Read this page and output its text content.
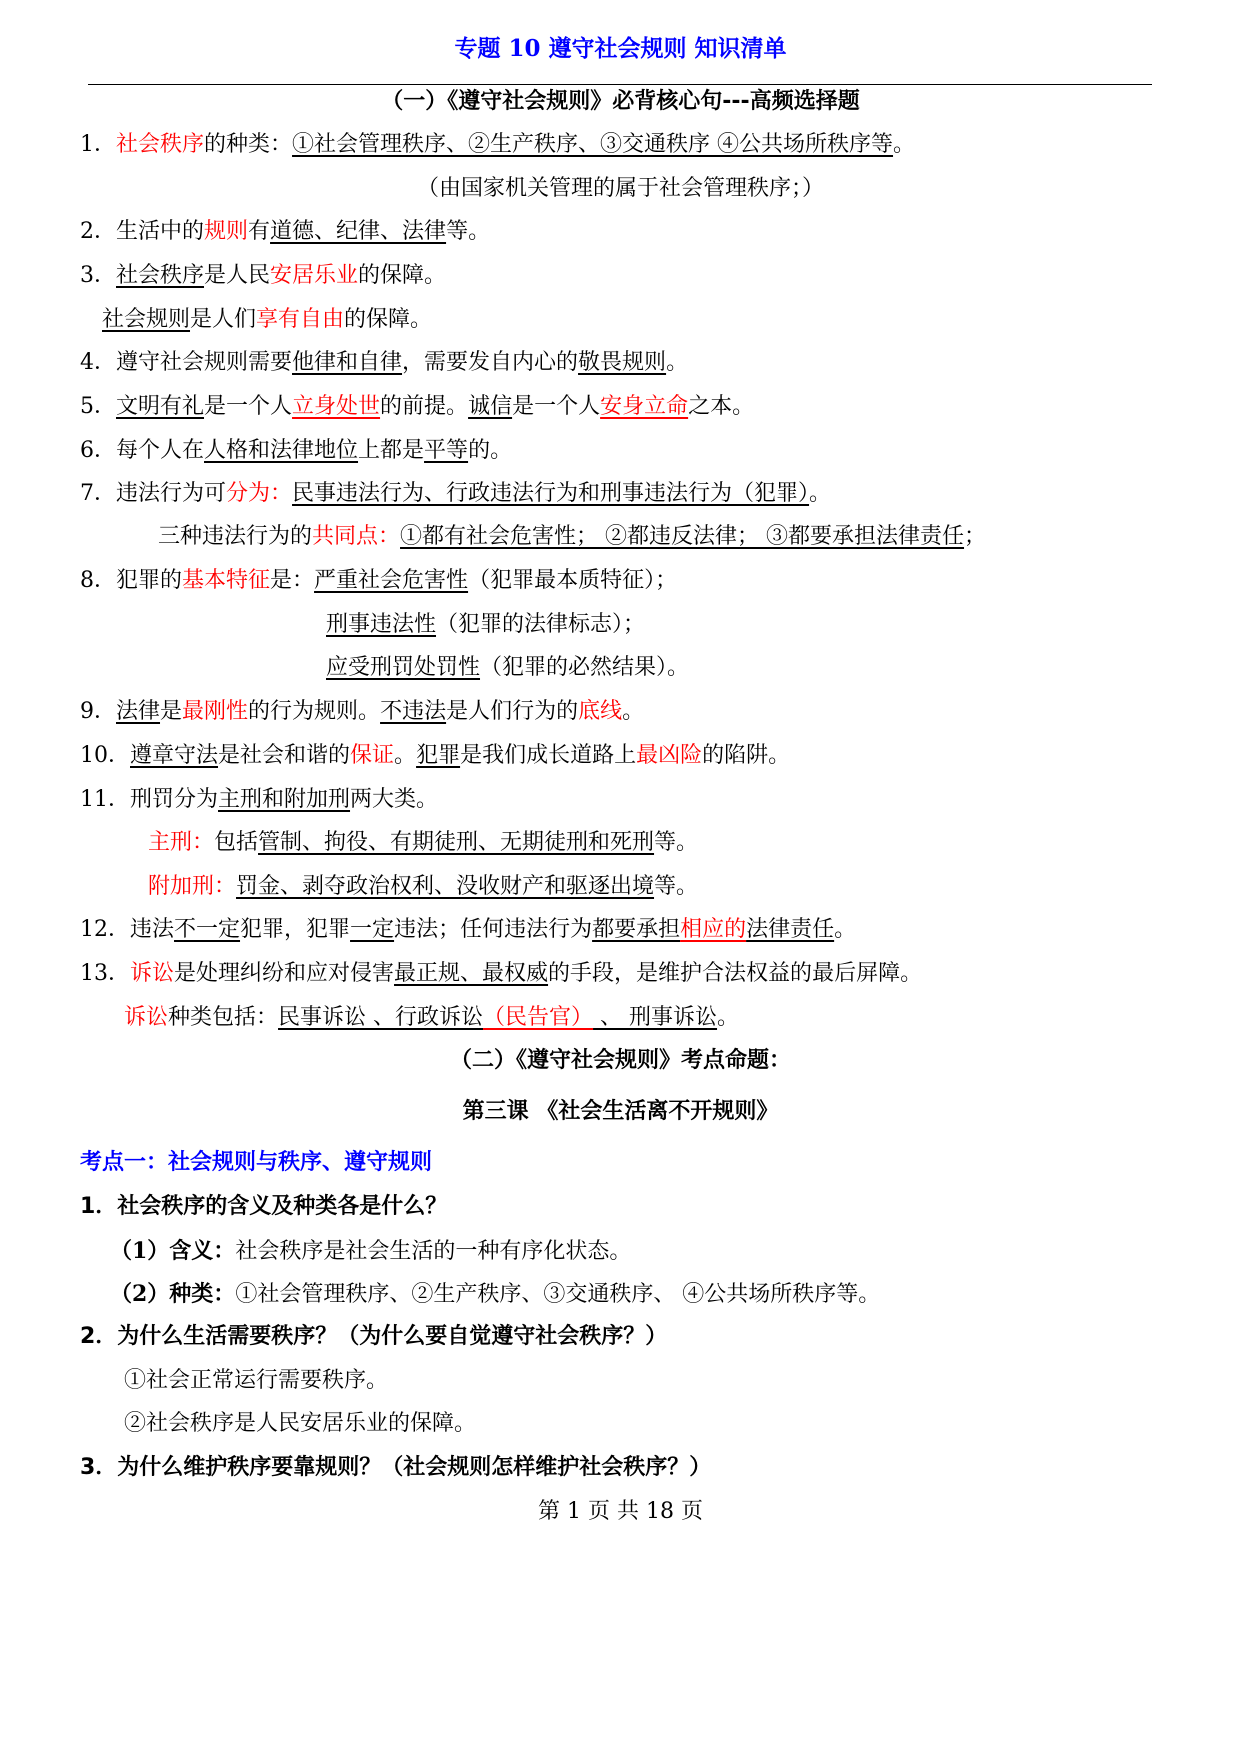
专题 10 遵守社会规则 知识清单
（一）《遵守社会规则》必背核心句---高频选择题
1．社会秩序的种类：①社会管理秩序、②生产秩序、③交通秩序 ④公共场所秩序等。
（由国家机关管理的属于社会管理秩序；）
2．生活中的规则有道德、纪律、法律等。
3．社会秩序是人民安居乐业的保障。
社会规则是人们享有自由的保障。
4．遵守社会规则需要他律和自律，需要发自内心的敬畏规则。
5．文明有礼是一个人立身处世的前提。诚信是一个人安身立命之本。
6．每个人在人格和法律地位上都是平等的。
7．违法行为可分为：民事违法行为、行政违法行为和刑事违法行为（犯罪）。
三种违法行为的共同点：①都有社会危害性； ②都违反法律； ③都要承担法律责任；
8．犯罪的基本特征是：严重社会危害性（犯罪最本质特征）；
刑事违法性（犯罪的法律标志）；
应受刑罚处罚性（犯罪的必然结果）。
9．法律是最刚性的行为规则。不违法是人们行为的底线。
10．遵章守法是社会和谐的保证。犯罪是我们成长道路上最凶险的陷阱。
11．刑罚分为主刑和附加刑两大类。
主刑：包括管制、拘役、有期徒刑、无期徒刑和死刑等。
附加刑：罚金、剥夺政治权利、没收财产和驱逐出境等。
12．违法不一定犯罪，犯罪一定违法；任何违法行为都要承担相应的法律责任。
13．诉讼是处理纠纷和应对侵害最正规、最权威的手段，是维护合法权益的最后屏障。
诉讼种类包括：民事诉讼 、行政诉讼（民告官） 、 刑事诉讼。
（二）《遵守社会规则》考点命题：
第三课 《社会生活离不开规则》
考点一：社会规则与秩序、遵守规则
1．社会秩序的含义及种类各是什么？
（1）含义：社会秩序是社会生活的一种有序化状态。
（2）种类：①社会管理秩序、②生产秩序、③交通秩序、 ④公共场所秩序等。
2．为什么生活需要秩序？（为什么要自觉遵守社会秩序？）
①社会正常运行需要秩序。
②社会秩序是人民安居乐业的保障。
3．为什么维护秩序要靠规则？（社会规则怎样维护社会秩序？）
第 1 页 共 18 页
